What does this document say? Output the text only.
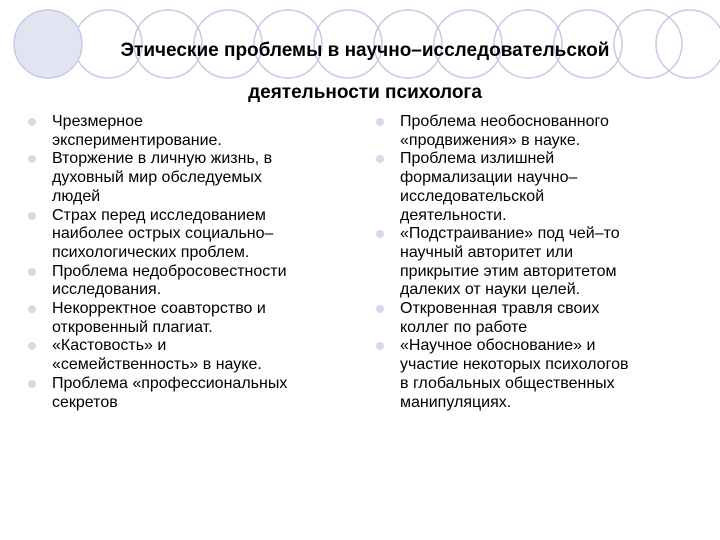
Этические проблемы в научно–исследовательской
деятельности психолога
Чрезмерное
экспериментирование.
Вторжение в личную жизнь, в
духовный мир обследуемых
людей
Страх перед исследованием
наиболее острых социально–
психологических проблем.
Проблема недобросовестности
исследования.
Некорректное соавторство и
откровенный плагиат.
«Кастовость» и
«семейственность» в науке.
Проблема «профессиональных
секретов
Проблема необоснованного
«продвижения» в науке.
Проблема излишней
формализации научно–
исследовательской
деятельности.
«Подстраивание» под чей–то
научный авторитет или
прикрытие этим авторитетом
далеких от науки целей.
Откровенная травля своих
коллег по работе
«Научное обоснование» и
участие некоторых психологов
в глобальных общественных
манипуляциях.
